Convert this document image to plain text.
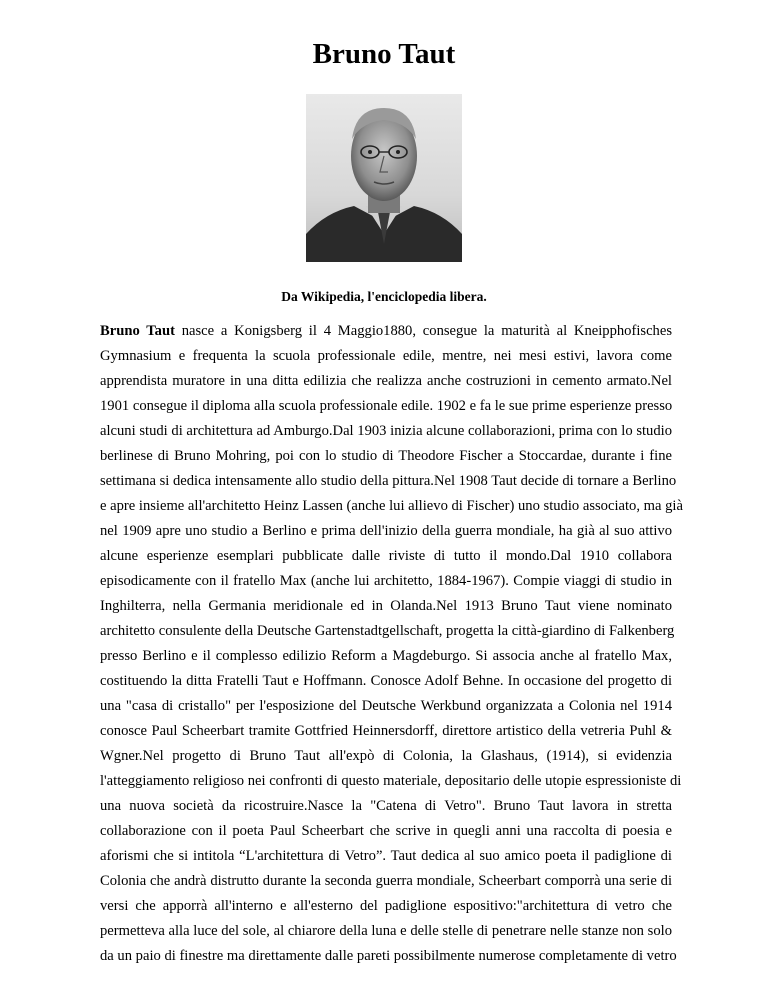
Bruno Taut
Da Wikipedia, l'enciclopedia libera.
Bruno Taut nasce a Konigsberg il 4 Maggio1880, consegue la maturità al Kneipphofisches
Gymnasium e frequenta la scuola professionale edile, mentre, nei mesi estivi, lavora come
apprendista muratore in una ditta edilizia che realizza anche costruzioni in cemento armato.Nel
1901 consegue il diploma alla scuola professionale edile. 1902 e fa le sue prime esperienze presso
alcuni studi di architettura ad Amburgo.Dal 1903 inizia alcune collaborazioni, prima con lo studio
berlinese di Bruno Mohring, poi con lo studio di Theodore Fischer a Stoccardae, durante i fine
settimana si dedica intensamente allo studio della pittura.Nel 1908 Taut decide di tornare a Berlino
e apre insieme all'architetto Heinz Lassen (anche lui allievo di Fischer) uno studio associato, ma già
nel 1909 apre uno studio a Berlino e prima dell'inizio della guerra mondiale, ha già al suo attivo
alcune esperienze esemplari pubblicate dalle riviste di tutto il mondo.Dal 1910 collabora
episodicamente con il fratello Max (anche lui architetto, 1884-1967). Compie viaggi di studio in
Inghilterra, nella Germania meridionale ed in Olanda.Nel 1913 Bruno Taut viene nominato
architetto consulente della Deutsche Gartenstadtgellschaft, progetta la città-giardino di Falkenberg
presso Berlino e il complesso edilizio Reform a Magdeburgo. Si associa anche al fratello Max,
costituendo la ditta Fratelli Taut e Hoffmann. Conosce Adolf Behne. In occasione del progetto di
una "casa di cristallo" per l'esposizione del Deutsche Werkbund organizzata a Colonia nel 1914
conosce Paul Scheerbart tramite Gottfried Heinnersdorff, direttore artistico della vetreria Puhl &
Wgner.Nel progetto di Bruno Taut all'expò di Colonia, la Glashaus, (1914), si evidenzia
l'atteggiamento religioso nei confronti di questo materiale, depositario delle utopie espressioniste di
una nuova società da ricostruire.Nasce la "Catena di Vetro". Bruno Taut lavora in stretta
collaborazione con il poeta Paul Scheerbart che scrive in quegli anni una raccolta di poesia e
aforismi che si intitola “L'architettura di Vetro”. Taut dedica al suo amico poeta il padiglione di
Colonia che andrà distrutto durante la seconda guerra mondiale, Scheerbart comporrà una serie di
versi che apporrà all'interno e all'esterno del padiglione espositivo:"architettura di vetro che
permetteva alla luce del sole, al chiarore della luna e delle stelle di penetrare nelle stanze non solo
da un paio di finestre ma direttamente dalle pareti possibilmente numerose completamente di vetro
